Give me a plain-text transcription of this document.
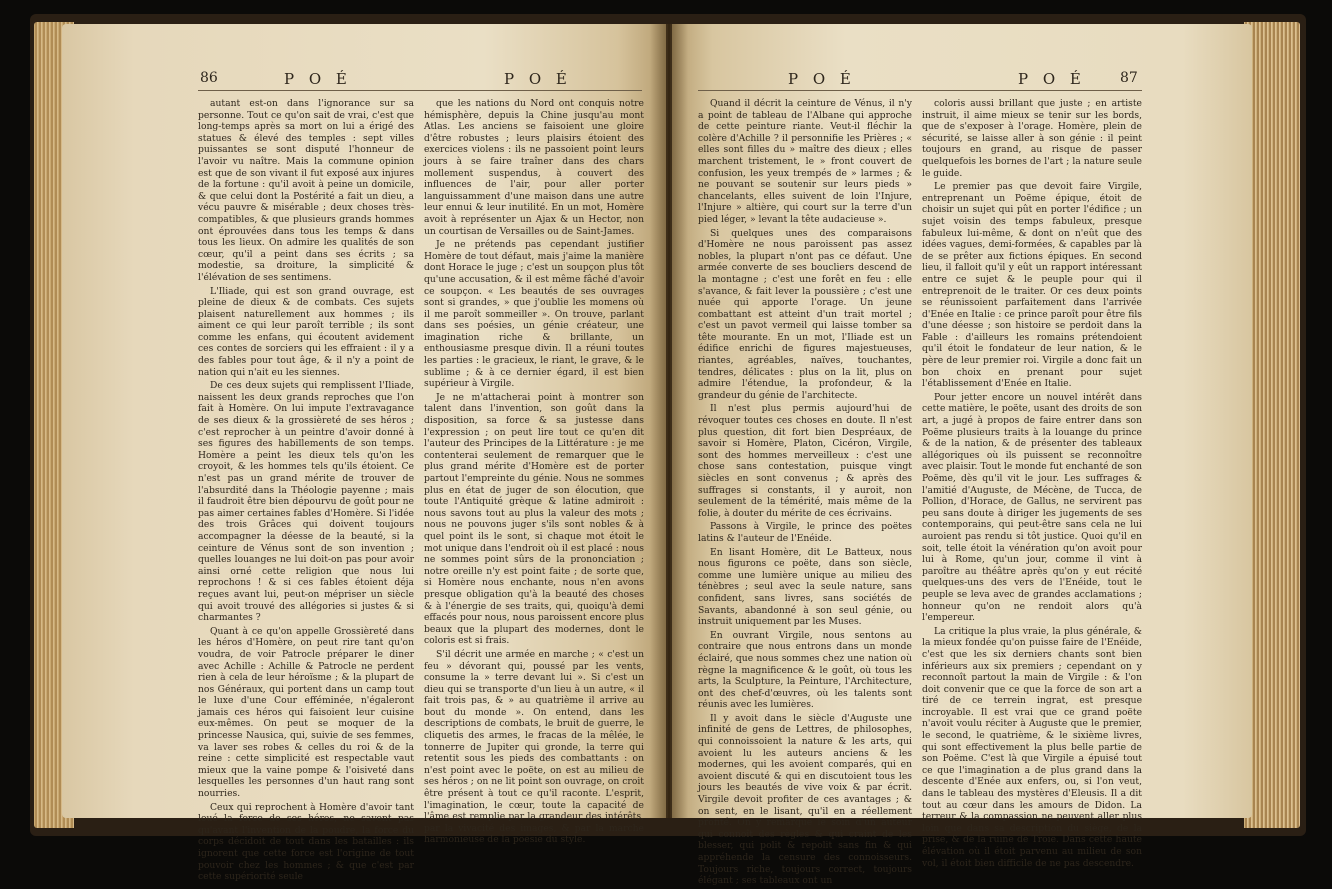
86	P O É	P O É

autant est-on dans l'ignorance sur sa personne. Tout ce qu'on sait de vrai, c'est que long-temps après sa mort on lui a érigé des statues & élevé des temples : sept villes puissantes se sont disputé l'honneur de l'avoir vu naître. Mais la commune opinion est que de son vivant il fut exposé aux injures de la fortune : qu'il avoit à peine un domicile, & que celui dont la Postérité a fait un dieu, a vécu pauvre & misérable ; deux choses très-compatibles, & que plusieurs grands hommes ont éprouvées dans tous les temps & dans tous les lieux. On admire les qualités de son cœur, qu'il a peint dans ses écrits ; sa modestie, sa droiture, la simplicité & l'élévation de ses sentimens.

L'Iliade, qui est son grand ouvrage, est pleine de dieux & de combats. Ces sujets plaisent naturellement aux hommes ; ils aiment ce qui leur paroît terrible ; ils sont comme les enfans, qui écoutent avidement ces contes de sorciers qui les effraient : il y a des fables pour tout âge, & il n'y a point de nation qui n'ait eu les siennes.

De ces deux sujets qui remplissent l'Iliade, naissent les deux grands reproches que l'on fait à Homère. On lui impute l'extravagance de ses dieux & la grossièreté de ses héros ; c'est reprocher à un peintre d'avoir donné à ses figures des habillements de son temps. Homère a peint les dieux tels qu'on les croyoit, & les hommes tels qu'ils étoient. Ce n'est pas un grand mérite de trouver de l'absurdité dans la Théologie payenne ; mais il faudroit être bien dépourvu de goût pour ne pas aimer certaines fables d'Homère. Si l'idée des trois Grâces qui doivent toujours accompagner la déesse de la beauté, si la ceinture de Vénus sont de son invention ; quelles louanges ne lui doit-on pas pour avoir ainsi orné cette religion que nous lui reprochons ! & si ces fables étoient déja reçues avant lui, peut-on mépriser un siècle qui avoit trouvé des allégories si justes & si charmantes ?

Quant à ce qu'on appelle Grossièreté dans les héros d'Homère, on peut rire tant qu'on voudra, de voir Patrocle préparer le diner avec Achille : Achille & Patrocle ne perdent rien à cela de leur héroïsme ; & la plupart de nos Généraux, qui portent dans un camp tout le luxe d'une Cour efféminée, n'égaleront jamais ces héros qui faisoient leur cuisine eux-mêmes. On peut se moquer de la princesse Nausica, qui, suivie de ses femmes, va laver ses robes & celles du roi & de la reine : cette simplicité est respectable vaut mieux que la vaine pompe & l'oisiveté dans lesquelles les personnes d'un haut rang sont nourries.

Ceux qui reprochent à Homère d'avoir tant loué la force de ses héros, ne savent pas qu'avant l'invention de la poudre, la force du corps décidoit de tout dans les batailles : ils ignorent que cette force est l'origine de tout pouvoir chez les hommes ; & que c'est par cette supériorité seule

que les nations du Nord ont conquis notre hémisphère, depuis la Chine jusqu'au mont Atlas. Les anciens se faisoient une gloire d'être robustes ; leurs plaisirs étoient des exercices violens : ils ne passoient point leurs jours à se faire traîner dans des chars mollement suspendus, à couvert des influences de l'air, pour aller porter languissamment d'une maison dans une autre leur ennui & leur inutilité. En un mot, Homère avoit à représenter un Ajax & un Hector, non un courtisan de Versailles ou de Saint-James.

Je ne prétends pas cependant justifier Homère de tout défaut, mais j'aime la manière dont Horace le juge ; c'est un soupçon plus tôt qu'une accusation, & il est même fâché d'avoir ce soupçon. « Les beautés de ses ouvrages sont si grandes, » que j'oublie les momens où il me paroît sommeiller ». On trouve, parlant dans ses poésies, un génie créateur, une imagination riche & brillante, un enthousiasme presque divin. Il a réuni toutes les parties : le gracieux, le riant, le grave, & le sublime ; & à ce dernier égard, il est bien supérieur à Virgile.

Je ne m'attacherai point à montrer son talent dans l'invention, son goût dans la disposition, sa force & sa justesse dans l'expression ; on peut lire tout ce qu'en dit l'auteur des Principes de la Littérature : je me contenterai seulement de remarquer que le plus grand mérite d'Homère est de porter partout l'empreinte du génie. Nous ne sommes plus en état de juger de son élocution, que toute l'Antiquité grèque & latine admiroit : nous savons tout au plus la valeur des mots ; nous ne pouvons juger s'ils sont nobles & à quel point ils le sont, si chaque mot étoit le mot unique dans l'endroit où il est placé : nous ne sommes point sûrs de la prononciation ; notre oreille n'y est point faite ; de sorte que, si Homère nous enchante, nous n'en avons presque obligation qu'à la beauté des choses & à l'énergie de ses traits, qui, quoiqu'à demi effacés pour nous, nous paroissent encore plus beaux que la plupart des modernes, dont le coloris est si frais.

S'il décrit une armée en marche ; « c'est un feu » dévorant qui, poussé par les vents, consume la » terre devant lui ». Si c'est un dieu qui se transporte d'un lieu à un autre, « il fait trois pas, & » au quatrième il arrive au bout du monde ». On entend, dans les descriptions de combats, le bruit de guerre, le cliquetis des armes, le fracas de la mêlée, le tonnerre de Jupiter qui gronde, la terre qui retentit sous les pieds des combattants : on n'est point avec le poëte, on est au milieu de ses héros ; on ne lit point son ouvrage, on croit être présent à tout ce qu'il raconte. L'esprit, l'imagination, le cœur, toute la capacité de l'âme est remplie par la grandeur des intérêts, par la vivacité des images, & par la marche harmonieuse de la poésie du style.

P O É	P O É 87

Quand il décrit la ceinture de Vénus, il n'y a point de tableau de l'Albane qui approche de cette peinture riante. Veut-il fléchir la colère d'Achille ? il personnifie les Prières ; « elles sont filles du » maître des dieux ; elles marchent tristement, le » front couvert de confusion, les yeux trempés de » larmes ; & ne pouvant se soutenir sur leurs pieds » chancelants, elles suivent de loin l'Injure, l'Injure » altière, qui court sur la terre d'un pied léger, » levant la tête audacieuse ».

Si quelques unes des comparaisons d'Homère ne nous paroissent pas assez nobles, la plupart n'ont pas ce défaut. Une armée converte de ses boucliers descend de la montagne ; c'est une forêt en feu : elle s'avance, & fait lever la poussière ; c'est une nuée qui apporte l'orage. Un jeune combattant est atteint d'un trait mortel ; c'est un pavot vermeil qui laisse tomber sa tête mourante. En un mot, l'Iliade est un édifice enrichi de figures majestueuses, riantes, agréables, naïves, touchantes, tendres, délicates : plus on la lit, plus on admire l'étendue, la profondeur, & la grandeur du génie de l'architecte.

Il n'est plus permis aujourd'hui de révoquer toutes ces choses en doute. Il n'est plus question, dit fort bien Despréaux, de savoir si Homère, Platon, Cicéron, Virgile, sont des hommes merveilleux : c'est une chose sans contestation, puisque vingt siècles en sont convenus ; & après des suffrages si constants, il y auroit, non seulement de la témérité, mais même de la folie, à douter du mérite de ces écrivains.

Passons à Virgile, le prince des poëtes latins & l'auteur de l'Enéide.

En lisant Homère, dit Le Batteux, nous nous figurons ce poëte, dans son siècle, comme une lumière unique au milieu des ténèbres ; seul avec la seule nature, sans confident, sans livres, sans sociétés de Savants, abandonné à son seul génie, ou instruit uniquement par les Muses.

En ouvrant Virgile, nous sentons au contraire que nous entrons dans un monde éclairé, que nous sommes chez une nation où règne la magnificence & le goût, où tous les arts, la Sculpture, la Peinture, l'Architecture, ont des chef-d'œuvres, où les talents sont réunis avec les lumières.

Il y avoit dans le siècle d'Auguste une infinité de gens de Lettres, de philosophes, qui connoissoient la nature & les arts, qui avoient lu les auteurs anciens & les modernes, qui les avoient comparés, qui en avoient discuté & qui en discutoient tous les jours les beautés de vive voix & par écrit. Virgile devoit profiter de ces avantages ; & on sent, en le lisant, qu'il en a réellement profité. On y remarque le soin d'un auteur qui connoît des règles & qui craint de les blesser, qui polit & repolit sans fin & qui appréhende la censure des connoisseurs. Toujours riche, toujours correct, toujours élégant ; ses tableaux ont un

coloris aussi brillant que juste ; en artiste instruit, il aime mieux se tenir sur les bords, que de s'exposer à l'orage. Homère, plein de sécurité, se laisse aller à son génie : il peint toujours en grand, au risque de passer quelquefois les bornes de l'art ; la nature seule le guide.

Le premier pas que devoit faire Virgile, entreprenant un Poëme épique, étoit de choisir un sujet qui pût en porter l'édifice ; un sujet voisin des temps fabuleux, presque fabuleux lui-même, & dont on n'eût que des idées vagues, demi-formées, & capables par là de se prêter aux fictions épiques. En second lieu, il falloit qu'il y eût un rapport intéressant entre ce sujet & le peuple pour qui il entreprenoit de le traiter. Or ces deux points se réunissoient parfaitement dans l'arrivée d'Enée en Italie : ce prince paroît pour être fils d'une déesse ; son histoire se perdoit dans la Fable : d'ailleurs les romains prétendoient qu'il étoit le fondateur de leur nation, & le père de leur premier roi. Virgile a donc fait un bon choix en prenant pour sujet l'établissement d'Enée en Italie.

Pour jetter encore un nouvel intérêt dans cette matière, le poëte, usant des droits de son art, a jugé à propos de faire entrer dans son Poëme plusieurs traits à la louange du prince & de la nation, & de présenter des tableaux allégoriques où ils puissent se reconnoître avec plaisir. Tout le monde fut enchanté de son Poëme, dès qu'il vit le jour. Les suffrages & l'amitié d'Auguste, de Mécène, de Tucca, de Pollion, d'Horace, de Gallus, ne servirent pas peu sans doute à diriger les jugements de ses contemporains, qui peut-être sans cela ne lui auroient pas rendu si tôt justice. Quoi qu'il en soit, telle étoit la vénération qu'on avoit pour lui à Rome, qu'un jour, comme il vint à paroître au théâtre après qu'on y eut récité quelques-uns des vers de l'Enéide, tout le peuple se leva avec de grandes acclamations ; honneur qu'on ne rendoit alors qu'à l'empereur.

La critique la plus vraie, la plus générale, & la mieux fondée qu'on puisse faire de l'Enéide, c'est que les six derniers chants sont bien inférieurs aux six premiers ; cependant on y reconnoît partout la main de Virgile : & l'on doit convenir que ce que la force de son art a tiré de ce terrein ingrat, est presque incroyable. Il est vrai que ce grand poëte n'avoit voulu réciter à Auguste que le premier, le second, le quatrième, & le sixième livres, qui sont effectivement la plus belle partie de son Poëme. C'est là que Virgile a épuisé tout ce que l'imagination a de plus grand dans la descente d'Enée aux enfers, ou, si l'on veut, dans le tableau des mystères d'Eleusis. Il a dit tout au cœur dans les amours de Didon. La terreur & la compassion ne peuvent aller plus loin que dans sa description du siège, de la prise, & de la ruine de Troie. Dans cette haute élévation où il étoit parvenu au milieu de son vol, il étoit bien difficile de ne pas descendre.
